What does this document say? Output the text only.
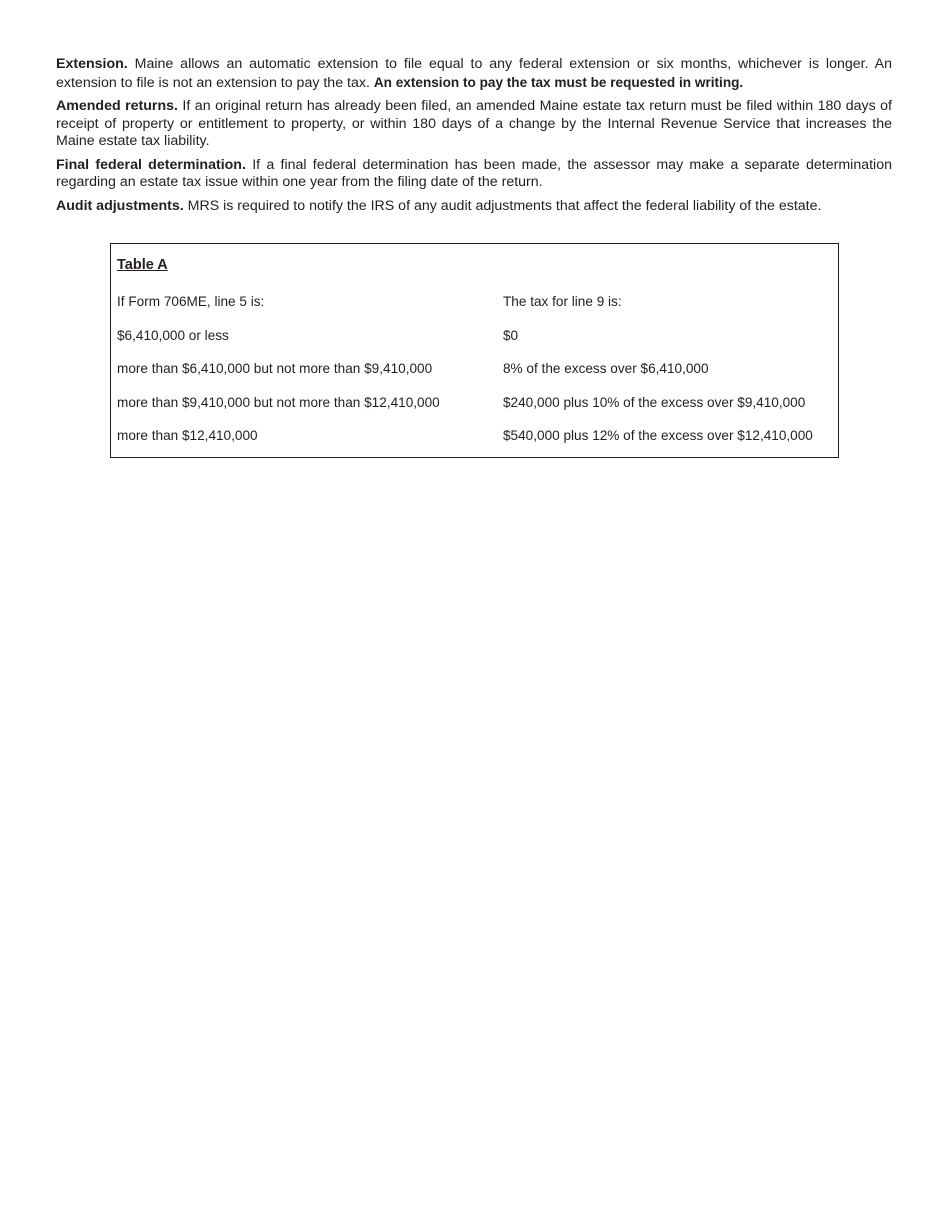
Extension. Maine allows an automatic extension to file equal to any federal extension or six months, whichever is longer. An extension to file is not an extension to pay the tax. An extension to pay the tax must be requested in writing.

Amended returns. If an original return has already been filed, an amended Maine estate tax return must be filed within 180 days of receipt of property or entitlement to property, or within 180 days of a change by the Internal Revenue Service that increases the Maine estate tax liability.

Final federal determination. If a final federal determination has been made, the assessor may make a separate determination regarding an estate tax issue within one year from the filing date of the return.

Audit adjustments. MRS is required to notify the IRS of any audit adjustments that affect the federal liability of the estate.

Table A
If Form 706ME, line 5 is:	The tax for line 9 is:
$6,410,000 or less	$0
more than $6,410,000 but not more than $9,410,000	8% of the excess over $6,410,000
more than $9,410,000 but not more than $12,410,000	$240,000 plus 10% of the excess over $9,410,000
more than $12,410,000	$540,000 plus 12% of the excess over $12,410,000
